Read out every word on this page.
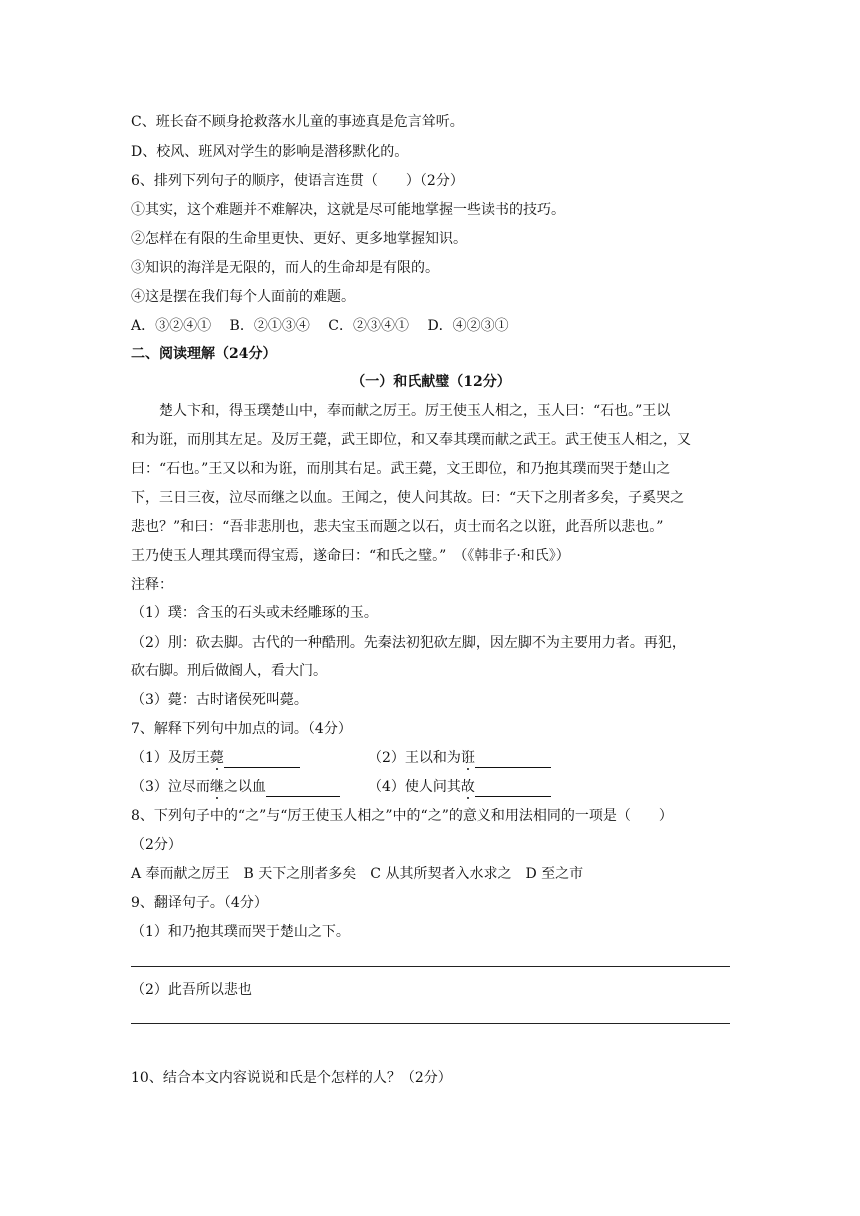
C、班长奋不顾身抢救落水儿童的事迹真是危言耸听。
D、校风、班风对学生的影响是潜移默化的。
6、排列下列句子的顺序，使语言连贯（　　）（2分）
①其实，这个难题并不难解决，这就是尽可能地掌握一些读书的技巧。
②怎样在有限的生命里更快、更好、更多地掌握知识。
③知识的海洋是无限的，而人的生命却是有限的。
④这是摆在我们每个人面前的难题。
A．③②④①　 B．②①③④　 C．②③④①　 D．④②③①
二、阅读理解（24分）
（一）和氏献璧（12分）
楚人卞和，得玉璞楚山中，奉而献之厉王。厉王使玉人相之，玉人曰：“石也。”王以
和为诳，而刖其左足。及厉王薨，武王即位，和又奉其璞而献之武王。武王使玉人相之，又
曰：“石也。”王又以和为诳，而刖其右足。武王薨，文王即位，和乃抱其璞而哭于楚山之
下，三日三夜，泣尽而继之以血。王闻之，使人问其故。曰：“天下之刖者多矣，子奚哭之
悲也？”和曰：“吾非悲刖也，悲夫宝玉而题之以石，贞士而名之以诳，此吾所以悲也。”
王乃使玉人理其璞而得宝焉，遂命曰：“和氏之璧。”　（《韩非子·和氏》）
注释：
（1）璞：含玉的石头或未经雕琢的玉。
（2）刖：砍去脚。古代的一种酷刑。先秦法初犯砍左脚，因左脚不为主要用力者。再犯，
砍右脚。刑后做阍人，看大门。
（3）薨：古时诸侯死叫薨。
7、解释下列句中加点的词。（4分）
（1）及厉王薨	（2）王以和为诳
（3）泣尽而继之以血	（4）使人问其故
8、下列句子中的“之”与“厉王使玉人相之”中的“之”的意义和用法相同的一项是（　　）
（2分）
A 奉而献之厉王　B 天下之刖者多矣　C 从其所契者入水求之　D 至之市
9、翻译句子。（4分）
（1）和乃抱其璞而哭于楚山之下。
（2）此吾所以悲也
10、结合本文内容说说和氏是个怎样的人？（2分）
